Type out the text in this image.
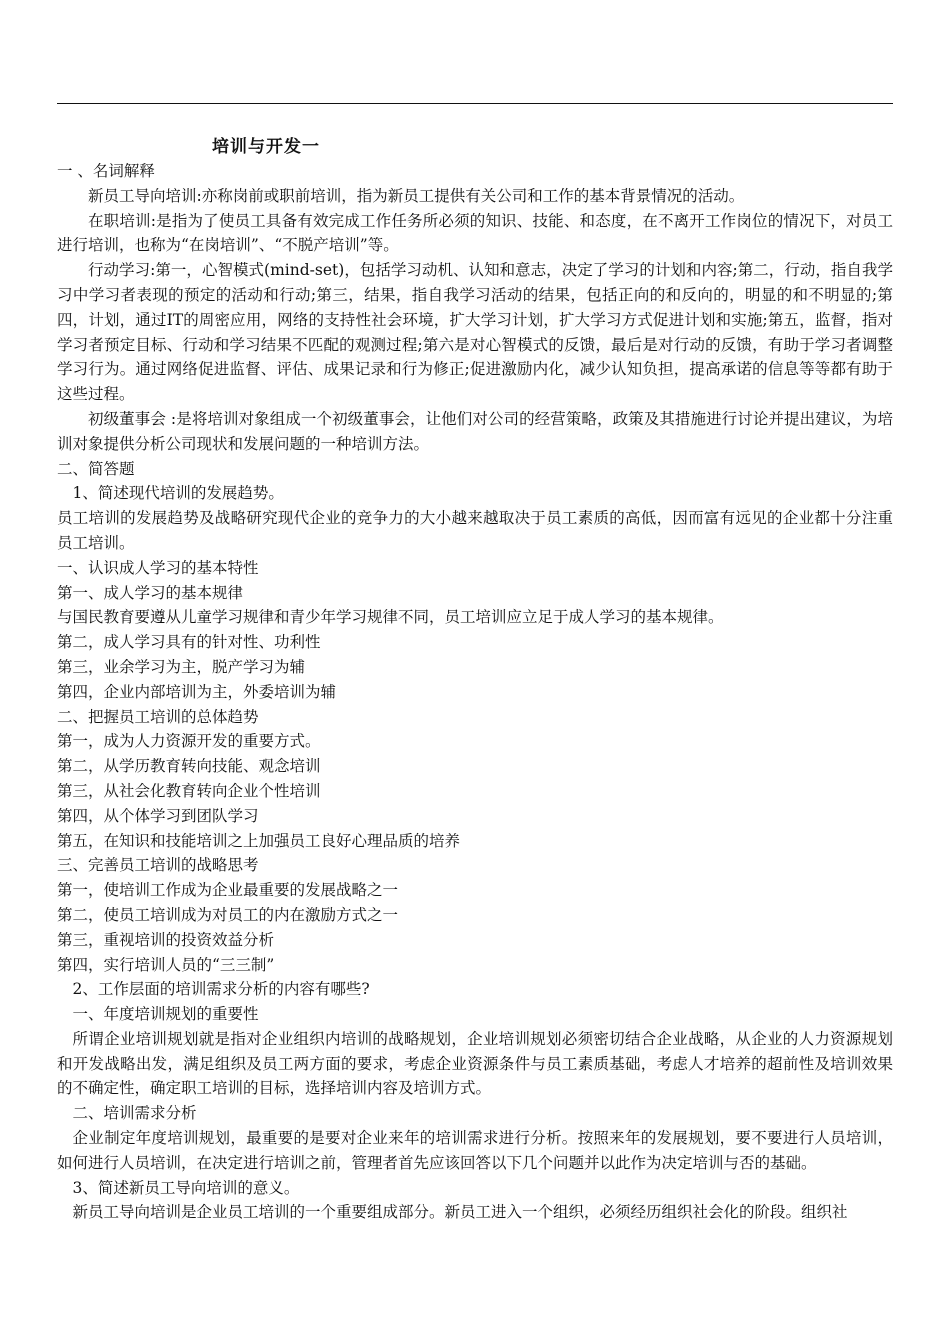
培训与开发一

一 、名词解释

新员工导向培训:亦称岗前或职前培训，指为新员工提供有关公司和工作的基本背景情况的活动。

在职培训:是指为了使员工具备有效完成工作任务所必须的知识、技能、和态度，在不离开工作岗位的情况下，对员工进行培训，也称为“在岗培训”、“不脱产培训”等。

行动学习:第一，心智模式(mind-set)，包括学习动机、认知和意志，决定了学习的计划和内容;第二，行动，指自我学习中学习者表现的预定的活动和行动;第三，结果，指自我学习活动的结果，包括正向的和反向的，明显的和不明显的;第四，计划，通过IT的周密应用，网络的支持性社会环境，扩大学习计划，扩大学习方式促进计划和实施;第五，监督，指对学习者预定目标、行动和学习结果不匹配的观测过程;第六是对心智模式的反馈，最后是对行动的反馈，有助于学习者调整学习行为。通过网络促进监督、评估、成果记录和行为修正;促进激励内化，减少认知负担，提高承诺的信息等等都有助于这些过程。

初级董事会 :是将培训对象组成一个初级董事会，让他们对公司的经营策略，政策及其措施进行讨论并提出建议，为培训对象提供分析公司现状和发展问题的一种培训方法。

二、简答题

1、简述现代培训的发展趋势。

员工培训的发展趋势及战略研究现代企业的竞争力的大小越来越取决于员工素质的高低，因而富有远见的企业都十分注重员工培训。

一、认识成人学习的基本特性

第一、成人学习的基本规律

与国民教育要遵从儿童学习规律和青少年学习规律不同，员工培训应立足于成人学习的基本规律。

第二，成人学习具有的针对性、功利性

第三，业余学习为主，脱产学习为辅

第四，企业内部培训为主，外委培训为辅

二、把握员工培训的总体趋势

第一，成为人力资源开发的重要方式。

第二，从学历教育转向技能、观念培训

第三，从社会化教育转向企业个性培训

第四，从个体学习到团队学习

第五，在知识和技能培训之上加强员工良好心理品质的培养

三、完善员工培训的战略思考

第一，使培训工作成为企业最重要的发展战略之一

第二，使员工培训成为对员工的内在激励方式之一

第三，重视培训的投资效益分析

第四，实行培训人员的“三三制”

2、工作层面的培训需求分析的内容有哪些?

一、年度培训规划的重要性

所谓企业培训规划就是指对企业组织内培训的战略规划，企业培训规划必须密切结合企业战略，从企业的人力资源规划和开发战略出发，满足组织及员工两方面的要求，考虑企业资源条件与员工素质基础，考虑人才培养的超前性及培训效果的不确定性，确定职工培训的目标，选择培训内容及培训方式。

二、培训需求分析

企业制定年度培训规划，最重要的是要对企业来年的培训需求进行分析。按照来年的发展规划，要不要进行人员培训，如何进行人员培训，在决定进行培训之前，管理者首先应该回答以下几个问题并以此作为决定培训与否的基础。

3、简述新员工导向培训的意义。

新员工导向培训是企业员工培训的一个重要组成部分。新员工进入一个组织，必须经历组织社会化的阶段。组织社
